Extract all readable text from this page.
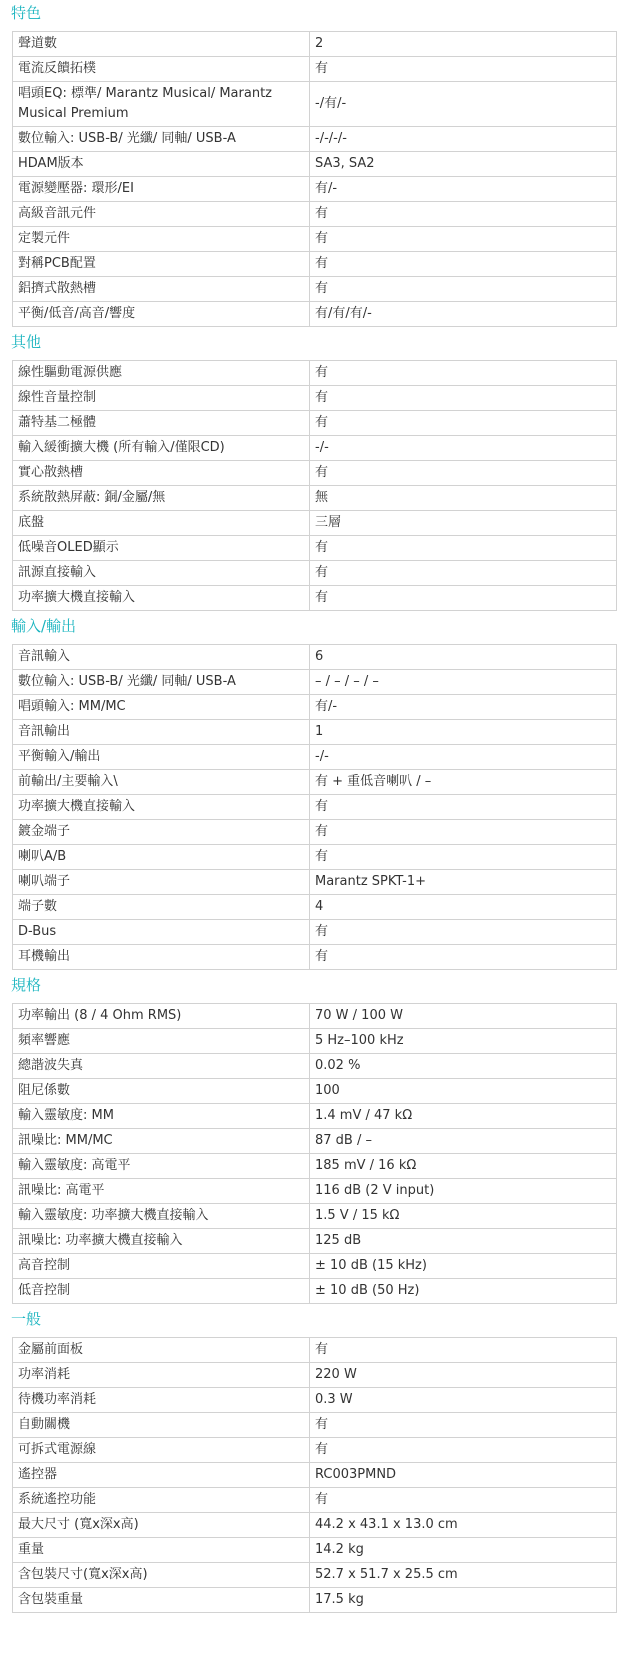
特色
聲道數	2
電流反饋拓樸	有
唱頭EQ: 標準/ Marantz Musical/ Marantz Musical Premium	-/有/-
數位輸入: USB-B/ 光纖/ 同軸/ USB-A	-/-/-/-
HDAM版本	SA3, SA2
電源變壓器: 環形/EI	有/-
高級音訊元件	有
定製元件	有
對稱PCB配置	有
鋁擠式散熱槽	有
平衡/低音/高音/響度	有/有/有/-
其他
線性驅動電源供應	有
線性音量控制	有
蕭特基二極體	有
輸入緩衝擴大機 (所有輸入/僅限CD)	-/-
實心散熱槽	有
系統散熱屏蔽: 銅/金屬/無	無
底盤	三層
低噪音OLED顯示	有
訊源直接輸入	有
功率擴大機直接輸入	有
輸入/輸出
音訊輸入	6
數位輸入: USB-B/ 光纖/ 同軸/ USB-A	– / – / – / –
唱頭輸入: MM/MC	有/-
音訊輸出	1
平衡輸入/輸出	-/-
前輸出/主要輸入\	有 + 重低音喇叭 / –
功率擴大機直接輸入	有
鍍金端子	有
喇叭A/B	有
喇叭端子	Marantz SPKT-1+
端子數	4
D-Bus	有
耳機輸出	有
規格
功率輸出 (8 / 4 Ohm RMS)	70 W / 100 W
頻率響應	5 Hz–100 kHz
總諧波失真	0.02 %
阻尼係數	100
輸入靈敏度: MM	1.4 mV / 47 kΩ
訊噪比: MM/MC	87 dB / –
輸入靈敏度: 高電平	185 mV / 16 kΩ
訊噪比: 高電平	116 dB (2 V input)
輸入靈敏度: 功率擴大機直接輸入	1.5 V / 15 kΩ
訊噪比: 功率擴大機直接輸入	125 dB
高音控制	± 10 dB (15 kHz)
低音控制	± 10 dB (50 Hz)
一般
金屬前面板	有
功率消耗	220 W
待機功率消耗	0.3 W
自動關機	有
可拆式電源線	有
遙控器	RC003PMND
系統遙控功能	有
最大尺寸 (寬x深x高)	44.2 x 43.1 x 13.0 cm
重量	14.2 kg
含包裝尺寸(寬x深x高)	52.7 x 51.7 x 25.5 cm
含包裝重量	17.5 kg
